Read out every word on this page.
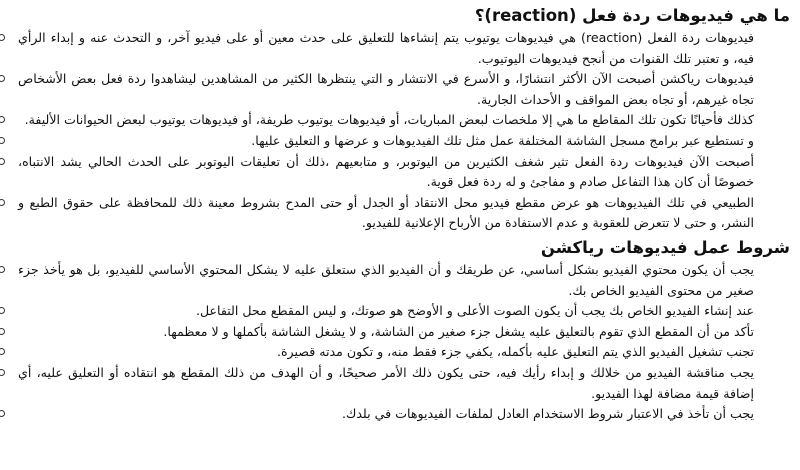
ما هي فيديوهات ردة فعل (reaction)؟
فيديوهات ردة الفعل (reaction) هي فيديوهات يوتيوب يتم إنشاءها للتعليق على حدث معين أو على فيديو آخر، و التحدث عنه و إبداء الرأي فيه، و تعتبر تلك القنوات من أنجح فيديوهات اليوتيوب.
فيديوهات رياكشن أصبحت الآن الأكثر انتشارًا، و الأسرع في الانتشار و التي ينتظرها الكثير من المشاهدين ليشاهدوا ردة فعل بعض الأشخاص تجاه غيرهم، أو تجاه بعض المواقف و الأحداث الجارية.
كذلك فأحيانًا تكون تلك المقاطع ما هي إلا ملخصات لبعض المباريات، أو فيديوهات يوتيوب طريفة، أو فيديوهات يوتيوب لبعض الحيوانات الأليفة.
و تستطيع عبر برامج مسجل الشاشة المختلفة عمل مثل تلك الفيديوهات و عرضها و التعليق عليها.
أصبحت الآن فيديوهات ردة الفعل تثير شغف الكثيرين من اليوتوبر، و متابعيهم ،ذلك أن تعليقات اليوتوبر على الحدث الحالي يشد الانتباه، خصوصًا أن كان هذا التفاعل صادم و مفاجئ و له ردة فعل قوية.
الطبيعي في تلك الفيديوهات هو عرض مقطع فيديو محل الانتقاد أو الجدل أو حتى المدح بشروط معينة ذلك للمحافظة على حقوق الطبع و النشر، و حتى لا تتعرض للعقوبة و عدم الاستفادة من الأرباح الإعلانية للفيديو.
شروط عمل فيديوهات رياكشن
يجب أن يكون محتوي الفيديو بشكل أساسي، عن طريقك و أن الفيديو الذي ستعلق عليه لا يشكل المحتوي الأساسي للفيديو، بل هو يأخذ جزء صغير من محتوى الفيديو الخاص بك.
عند إنشاء الفيديو الخاص بك يجب أن يكون الصوت الأعلى و الأوضح هو صوتك، و ليس المقطع محل التفاعل.
تأكد من أن المقطع الذي تقوم بالتعليق عليه يشغل جزء صغير من الشاشة، و لا يشغل الشاشة بأكملها و لا معظمها.
تجنب تشغيل الفيديو الذي يتم التعليق عليه بأكمله، يكفي جزء فقط منه، و تكون مدته قصيرة.
يجب مناقشة الفيديو من خلالك و إبداء رأيك فيه، حتى يكون ذلك الأمر صحيحًا، و أن الهدف من ذلك المقطع هو انتقاده أو التعليق عليه، أي إضافة قيمة مضافة لهذا الفيديو.
يجب أن تأخذ في الاعتبار شروط الاستخدام العادل لملفات الفيديوهات في بلدك.
